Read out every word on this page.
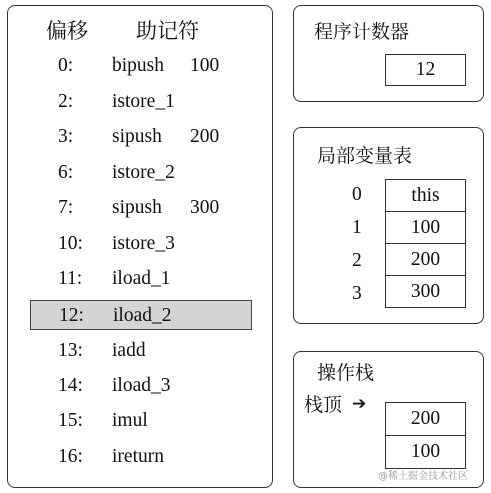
偏移 助记符
0: bipush 100
2: istore_1
3: sipush 200
6: istore_2
7: sipush 300
10: istore_3
11: iload_1
12: iload_2
13: iadd
14: iload_3
15: imul
16: ireturn
程序计数器
12
局部变量表
0	this
1	100
2	200
3	300
操作栈
栈顶 ➔
200
100
@稀土掘金技术社区
